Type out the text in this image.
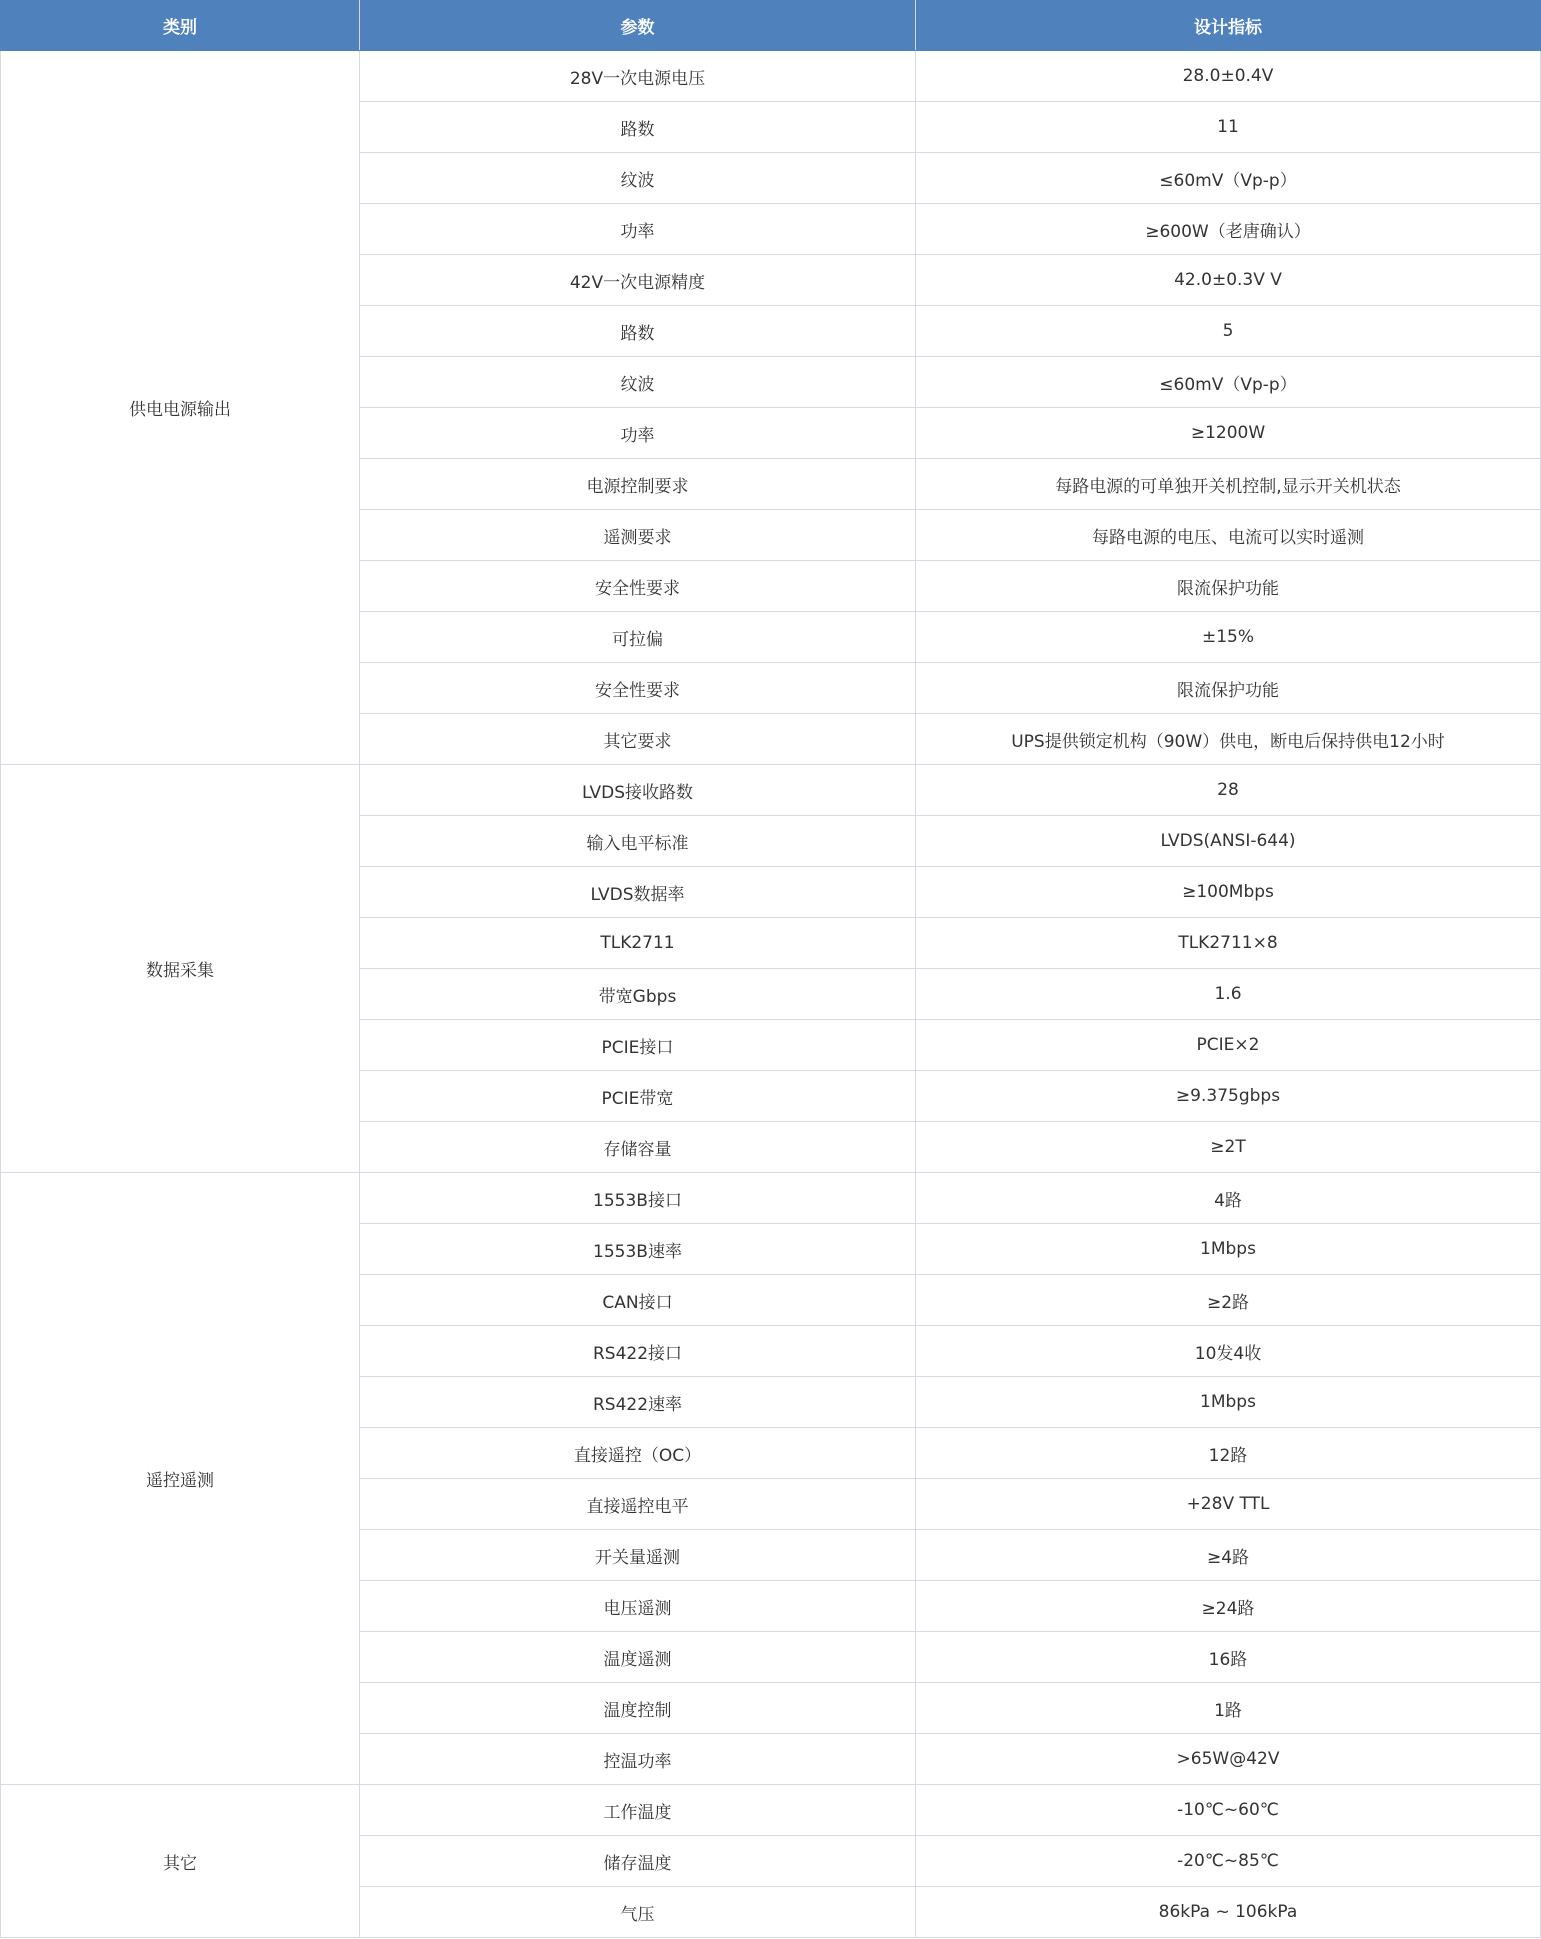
类别	参数	设计指标
供电电源输出	28V一次电源电压	28.0±0.4V
	路数	11
	纹波	≤60mV（Vp-p）
	功率	≥600W（老唐确认）
	42V一次电源精度	42.0±0.3V V
	路数	5
	纹波	≤60mV（Vp-p）
	功率	≥1200W
	电源控制要求	每路电源的可单独开关机控制,显示开关机状态
	遥测要求	每路电源的电压、电流可以实时遥测
	安全性要求	限流保护功能
	可拉偏	±15%
	安全性要求	限流保护功能
	其它要求	UPS提供锁定机构（90W）供电，断电后保持供电12小时
数据采集	LVDS接收路数	28
	输入电平标准	LVDS(ANSI-644)
	LVDS数据率	≥100Mbps
	TLK2711	TLK2711×8
	带宽Gbps	1.6
	PCIE接口	PCIE×2
	PCIE带宽	≥9.375gbps
	存储容量	≥2T
遥控遥测	1553B接口	4路
	1553B速率	1Mbps
	CAN接口	≥2路
	RS422接口	10发4收
	RS422速率	1Mbps
	直接遥控（OC）	12路
	直接遥控电平	+28V TTL
	开关量遥测	≥4路
	电压遥测	≥24路
	温度遥测	16路
	温度控制	1路
	控温功率	>65W@42V
其它	工作温度	-10℃~60℃
	储存温度	-20℃~85℃
	气压	86kPa ~ 106kPa
